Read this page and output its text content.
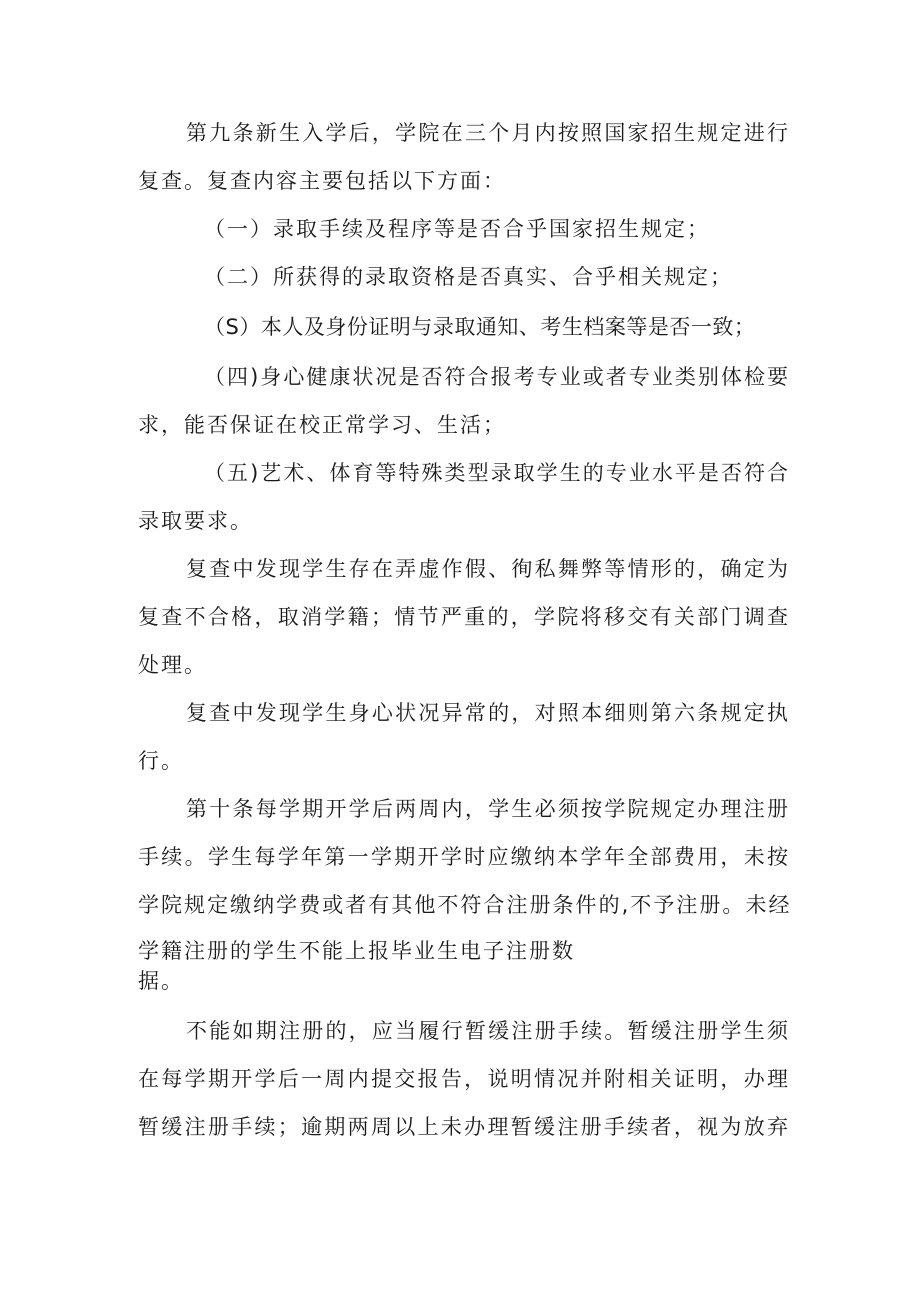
第九条新生入学后，学院在三个月内按照国家招生规定进行
复查。复查内容主要包括以下方面：
（一）录取手续及程序等是否合乎国家招生规定；
（二）所获得的录取资格是否真实、合乎相关规定；
（S）本人及身份证明与录取通知、考生档案等是否一致；
（四)身心健康状况是否符合报考专业或者专业类别体检要
求，能否保证在校正常学习、生活；
（五)艺术、体育等特殊类型录取学生的专业水平是否符合
录取要求。
复查中发现学生存在弄虚作假、徇私舞弊等情形的，确定为
复查不合格，取消学籍；情节严重的，学院将移交有关部门调查
处理。
复查中发现学生身心状况异常的，对照本细则第六条规定执
行。
第十条每学期开学后两周内，学生必须按学院规定办理注册
手续。学生每学年第一学期开学时应缴纳本学年全部费用，未按
学院规定缴纳学费或者有其他不符合注册条件的,不予注册。未经
学籍注册的学生不能上报毕业生电子注册数
据。
不能如期注册的，应当履行暂缓注册手续。暂缓注册学生须
在每学期开学后一周内提交报告，说明情况并附相关证明，办理
暂缓注册手续；逾期两周以上未办理暂缓注册手续者，视为放弃
